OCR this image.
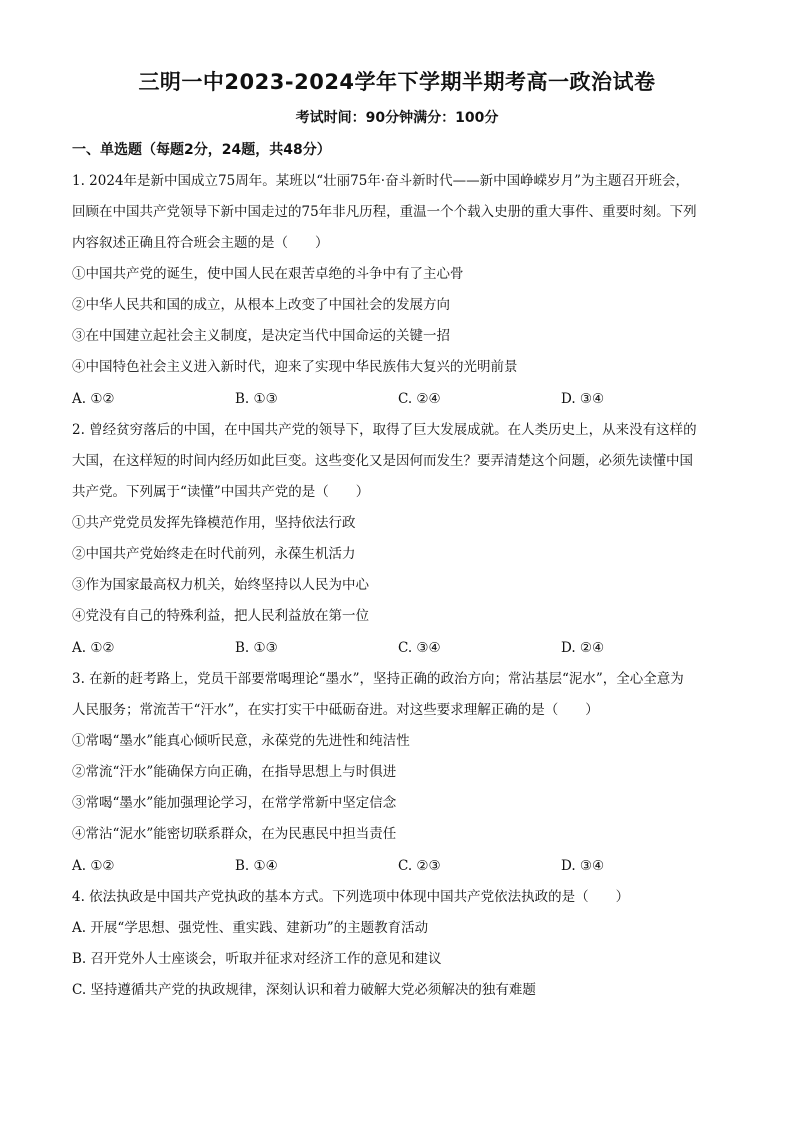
三明一中2023-2024学年下学期半期考高一政治试卷
考试时间：90分钟满分：100分
一、单选题（每题2分，24题，共48分）
1. 2024年是新中国成立75周年。某班以“壮丽75年·奋斗新时代——新中国峥嵘岁月”为主题召开班会，
回顾在中国共产党领导下新中国走过的75年非凡历程，重温一个个载入史册的重大事件、重要时刻。下列
内容叙述正确且符合班会主题的是（　　）
①中国共产党的诞生，使中国人民在艰苦卓绝的斗争中有了主心骨
②中华人民共和国的成立，从根本上改变了中国社会的发展方向
③在中国建立起社会主义制度，是决定当代中国命运的关键一招
④中国特色社会主义进入新时代，迎来了实现中华民族伟大复兴的光明前景
A. ①②	B. ①③	C. ②④	D. ③④
2. 曾经贫穷落后的中国，在中国共产党的领导下，取得了巨大发展成就。在人类历史上，从来没有这样的
大国，在这样短的时间内经历如此巨变。这些变化又是因何而发生？要弄清楚这个问题，必须先读懂中国
共产党。下列属于“读懂”中国共产党的是（　　）
①共产党党员发挥先锋模范作用，坚持依法行政
②中国共产党始终走在时代前列，永葆生机活力
③作为国家最高权力机关，始终坚持以人民为中心
④党没有自己的特殊利益，把人民利益放在第一位
A. ①②	B. ①③	C. ③④	D. ②④
3. 在新的赶考路上，党员干部要常喝理论“墨水”，坚持正确的政治方向；常沾基层“泥水”，全心全意为
人民服务；常流苦干“汗水”，在实打实干中砥砺奋进。对这些要求理解正确的是（　　）
①常喝“墨水”能真心倾听民意，永葆党的先进性和纯洁性
②常流“汗水”能确保方向正确，在指导思想上与时俱进
③常喝“墨水”能加强理论学习，在常学常新中坚定信念
④常沾“泥水”能密切联系群众，在为民惠民中担当责任
A. ①②	B. ①④	C. ②③	D. ③④
4. 依法执政是中国共产党执政的基本方式。下列选项中体现中国共产党依法执政的是（　　）
A. 开展“学思想、强党性、重实践、建新功”的主题教育活动
B. 召开党外人士座谈会，听取并征求对经济工作的意见和建议
C. 坚持遵循共产党的执政规律，深刻认识和着力破解大党必须解决的独有难题
